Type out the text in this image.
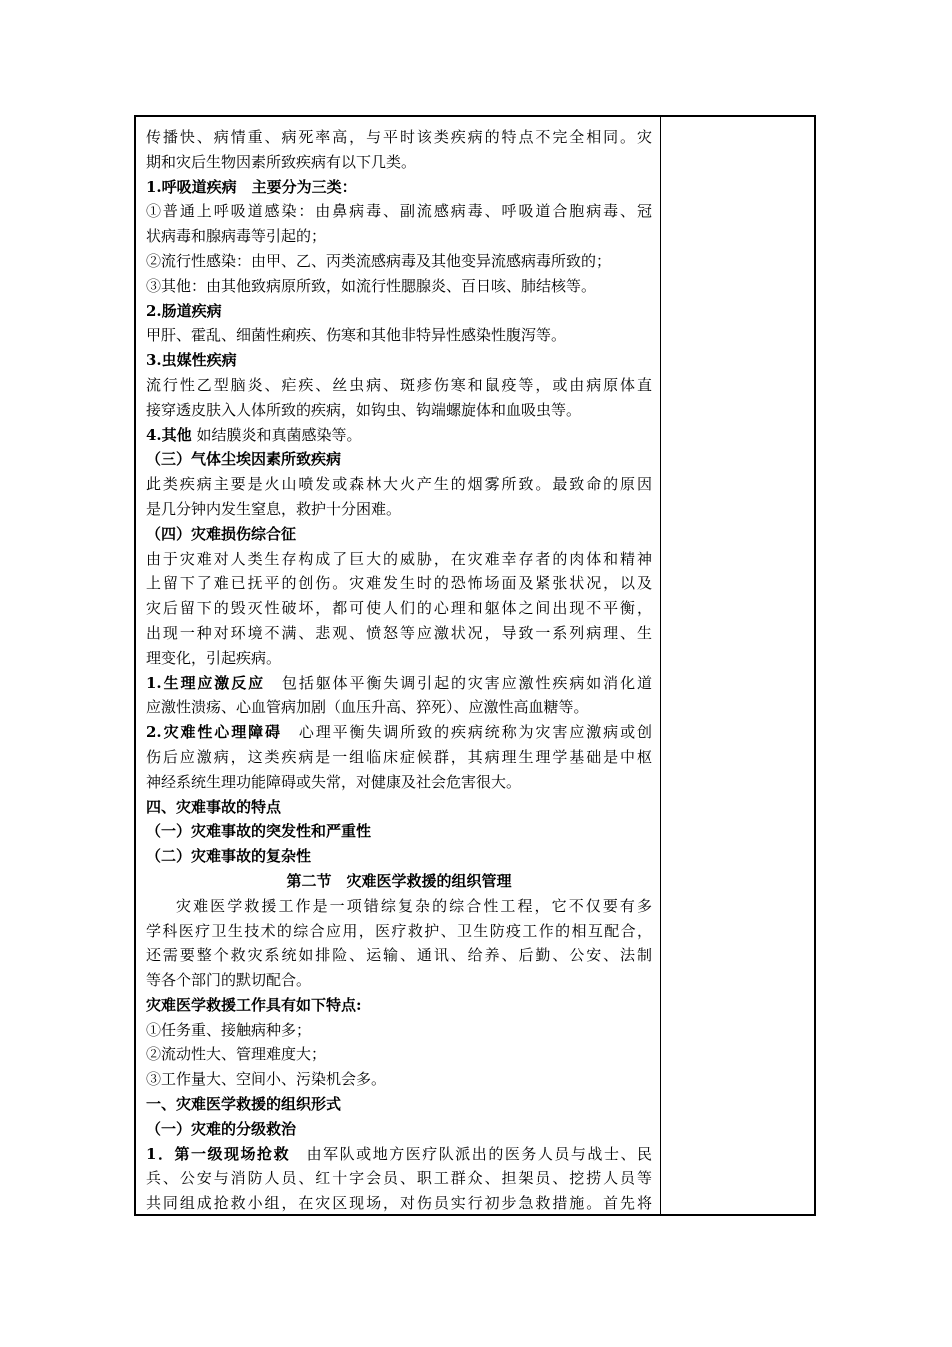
传播快、病情重、病死率高，与平时该类疾病的特点不完全相同。灾
期和灾后生物因素所致疾病有以下几类。
1.呼吸道疾病　主要分为三类：
①普通上呼吸道感染：由鼻病毒、副流感病毒、呼吸道合胞病毒、冠
状病毒和腺病毒等引起的；
②流行性感染：由甲、乙、丙类流感病毒及其他变异流感病毒所致的；
③其他：由其他致病原所致，如流行性腮腺炎、百日咳、肺结核等。
2.肠道疾病
甲肝、霍乱、细菌性痢疾、伤寒和其他非特异性感染性腹泻等。
3.虫媒性疾病
流行性乙型脑炎、疟疾、丝虫病、斑疹伤寒和鼠疫等，或由病原体直
接穿透皮肤入人体所致的疾病，如钩虫、钩端螺旋体和血吸虫等。
4.其他 如结膜炎和真菌感染等。
（三）气体尘埃因素所致疾病
此类疾病主要是火山喷发或森林大火产生的烟雾所致。最致命的原因
是几分钟内发生窒息，救护十分困难。
（四）灾难损伤综合征
由于灾难对人类生存构成了巨大的威胁，在灾难幸存者的肉体和精神
上留下了难已抚平的创伤。灾难发生时的恐怖场面及紧张状况，以及
灾后留下的毁灭性破坏，都可使人们的心理和躯体之间出现不平衡，
出现一种对环境不满、悲观、愤怒等应激状况，导致一系列病理、生
理变化，引起疾病。
1.生理应激反应　包括躯体平衡失调引起的灾害应激性疾病如消化道
应激性溃疡、心血管病加剧（血压升高、猝死）、应激性高血糖等。
2.灾难性心理障碍　心理平衡失调所致的疾病统称为灾害应激病或创
伤后应激病，这类疾病是一组临床症候群，其病理生理学基础是中枢
神经系统生理功能障碍或失常，对健康及社会危害很大。
四、灾难事故的特点
（一）灾难事故的突发性和严重性
（二）灾难事故的复杂性
第二节　灾难医学救援的组织管理
灾难医学救援工作是一项错综复杂的综合性工程，它不仅要有多
学科医疗卫生技术的综合应用，医疗救护、卫生防疫工作的相互配合，
还需要整个救灾系统如排险、运输、通讯、给养、后勤、公安、法制
等各个部门的默切配合。
灾难医学救援工作具有如下特点:
①任务重、接触病种多；
②流动性大、管理难度大；
③工作量大、空间小、污染机会多。
一、灾难医学救援的组织形式
（一）灾难的分级救治
1．第一级现场抢救　由军队或地方医疗队派出的医务人员与战士、民
兵、公安与消防人员、红十字会员、职工群众、担架员、挖捞人员等
共同组成抢救小组，在灾区现场，对伤员实行初步急救措施。首先将
